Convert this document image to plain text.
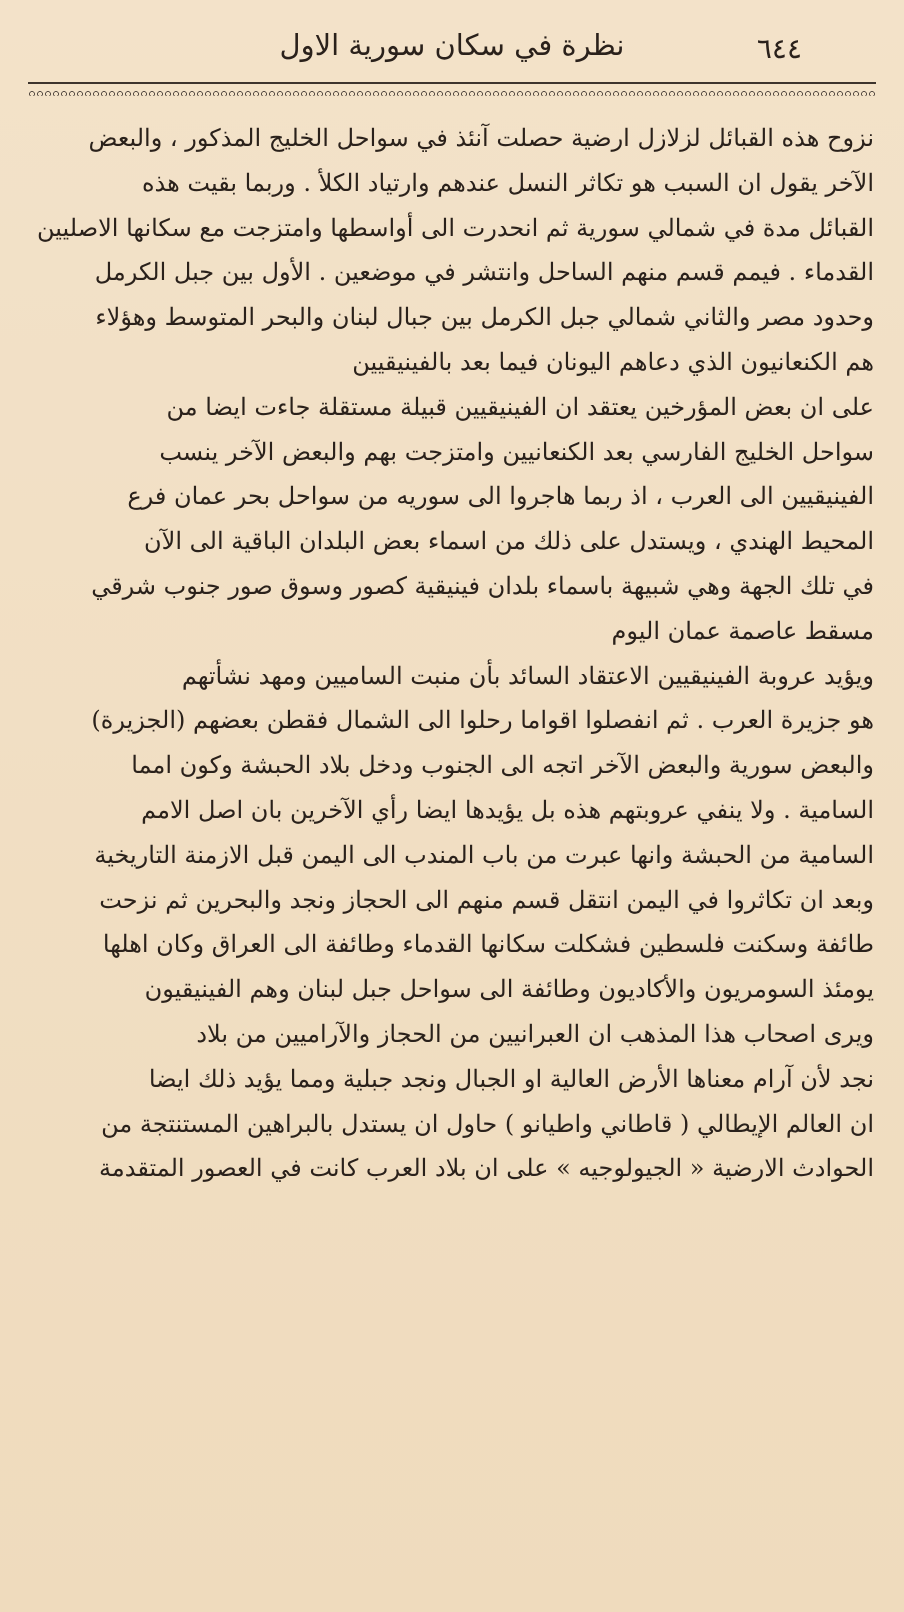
٦٤٤
نظرة في سكان سورية الاول
نزوح هذه القبائل لزلازل ارضية حصلت آنئذ في سواحل الخليج المذكور ، والبعض
الآخر يقول ان السبب هو تكاثر النسل عندهم وارتياد الكلأ . وربما بقيت هذه
القبائل مدة في شمالي سورية ثم انحدرت الى أواسطها وامتزجت مع سكانها الاصليين
القدماء . فيمم قسم منهم الساحل وانتشر في موضعين . الأول بين جبل الكرمل
وحدود مصر والثاني شمالي جبل الكرمل بين جبال لبنان والبحر المتوسط وهؤلاء
هم الكنعانيون الذي دعاهم اليونان فيما بعد بالفينيقيين
على ان بعض المؤرخين يعتقد ان الفينيقيين قبيلة مستقلة جاءت ايضا من
سواحل الخليج الفارسي بعد الكنعانيين وامتزجت بهم والبعض الآخر ينسب
الفينيقيين الى العرب ، اذ ربما هاجروا الى سوريه من سواحل بحر عمان فرع
المحيط الهندي ، ويستدل على ذلك من اسماء بعض البلدان الباقية الى الآن
في تلك الجهة وهي شبيهة باسماء بلدان فينيقية كصور وسوق صور جنوب شرقي
مسقط عاصمة عمان اليوم
ويؤيد عروبة الفينيقيين الاعتقاد السائد بأن منبت الساميين ومهد نشأتهم
هو جزيرة العرب . ثم انفصلوا اقواما رحلوا الى الشمال فقطن بعضهم (الجزيرة)
والبعض سورية والبعض الآخر اتجه الى الجنوب ودخل بلاد الحبشة وكون امما
السامية . ولا ينفي عروبتهم هذه بل يؤيدها ايضا رأي الآخرين بان اصل الامم
السامية من الحبشة وانها عبرت من باب المندب الى اليمن قبل الازمنة التاريخية
وبعد ان تكاثروا في اليمن انتقل قسم منهم الى الحجاز ونجد والبحرين ثم نزحت
طائفة وسكنت فلسطين فشكلت سكانها القدماء وطائفة الى العراق وكان اهلها
يومئذ السومريون والأكاديون وطائفة الى سواحل جبل لبنان وهم الفينيقيون
ويرى اصحاب هذا المذهب ان العبرانيين من الحجاز والآراميين من بلاد
نجد لأن آرام معناها الأرض العالية او الجبال ونجد جبلية ومما يؤيد ذلك ايضا
ان العالم الإيطالي ( قاطاني واطيانو ) حاول ان يستدل بالبراهين المستنتجة من
الحوادث الارضية « الجيولوجيه » على ان بلاد العرب كانت في العصور المتقدمة
